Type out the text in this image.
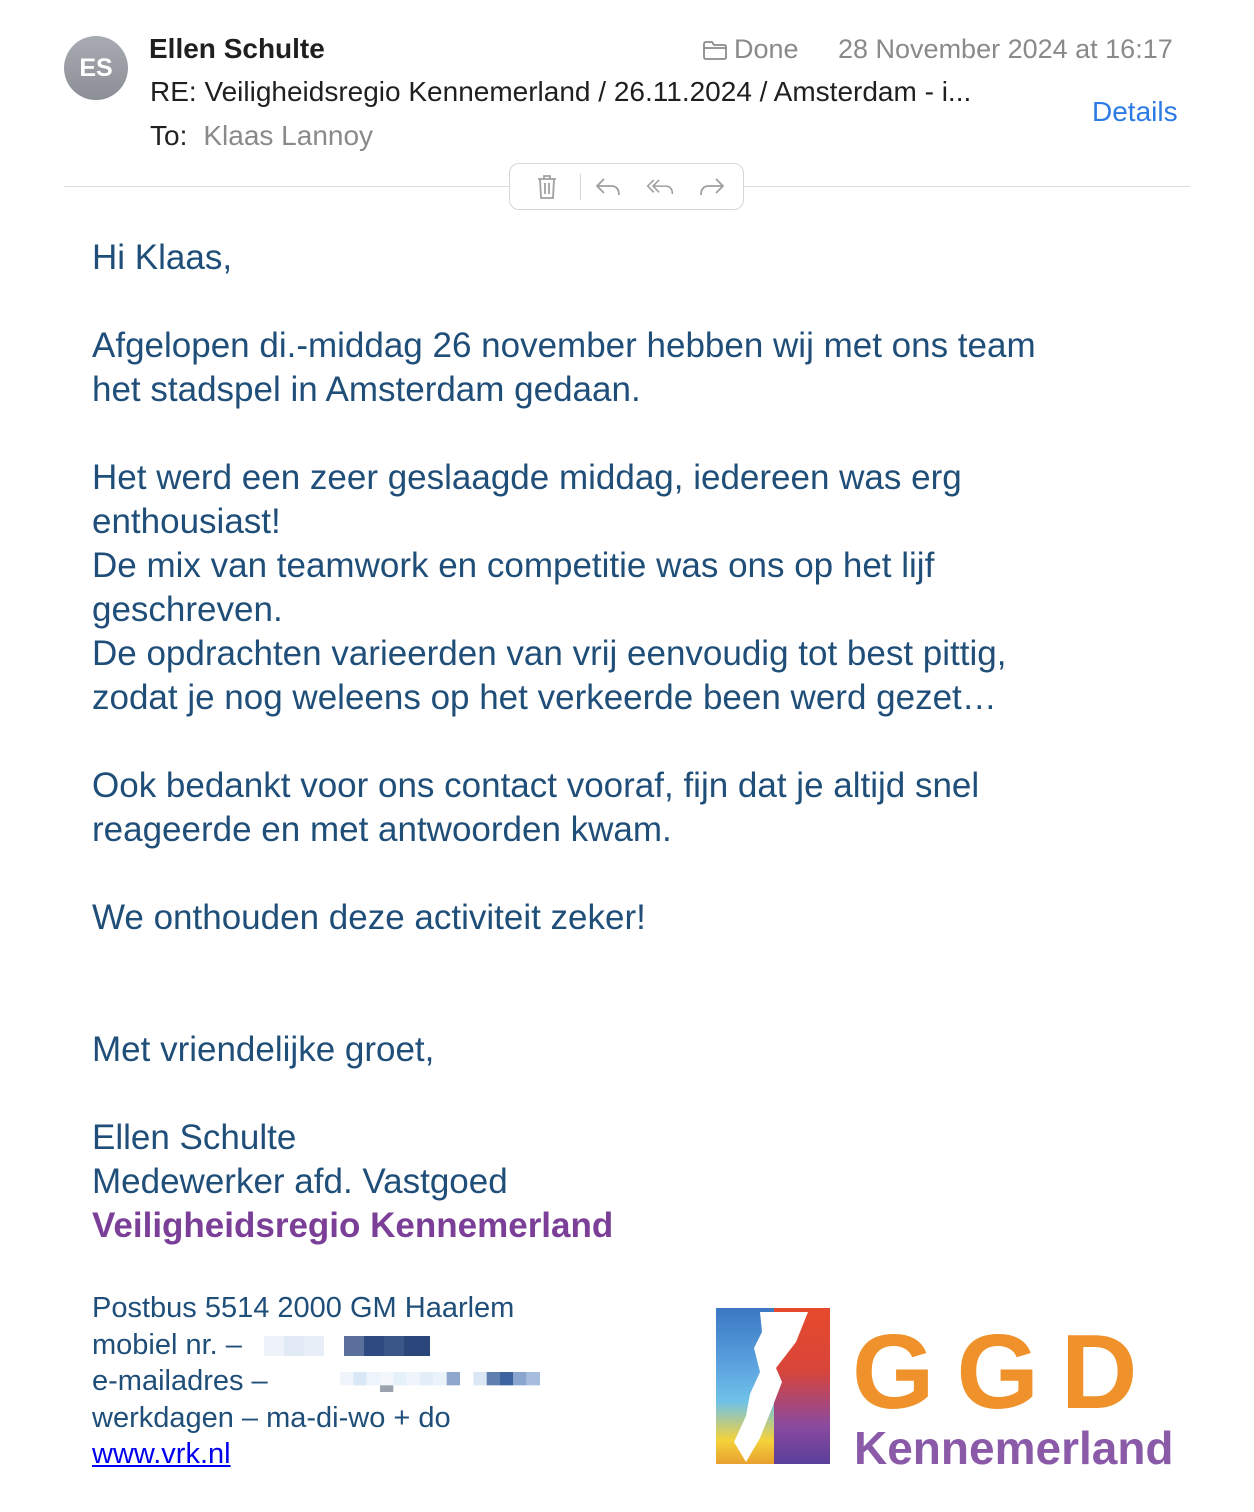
ES
Ellen Schulte	Done 28 November 2024 at 16:17
RE: Veiligheidsregio Kennemerland / 26.11.2024 / Amsterdam - i...
Details
To: Klaas Lannoy

Hi Klaas,

Afgelopen di.-middag 26 november hebben wij met ons team

het stadspel in Amsterdam gedaan.

Het werd een zeer geslaagde middag, iedereen was erg

enthousiast!

De mix van teamwork en competitie was ons op het lijf

geschreven.

De opdrachten varieerden van vrij eenvoudig tot best pittig,

zodat je nog weleens op het verkeerde been werd gezet…

Ook bedankt voor ons contact vooraf, fijn dat je altijd snel

reageerde en met antwoorden kwam.

We onthouden deze activiteit zeker!

Met vriendelijke groet,

Ellen Schulte

Medewerker afd. Vastgoed

Veiligheidsregio Kennemerland

Postbus 5514 2000 GM Haarlem
mobiel nr. –
e-mailadres –
werkdagen – ma-di-wo + do
www.vrk.nl
GGD
Kennemerland
